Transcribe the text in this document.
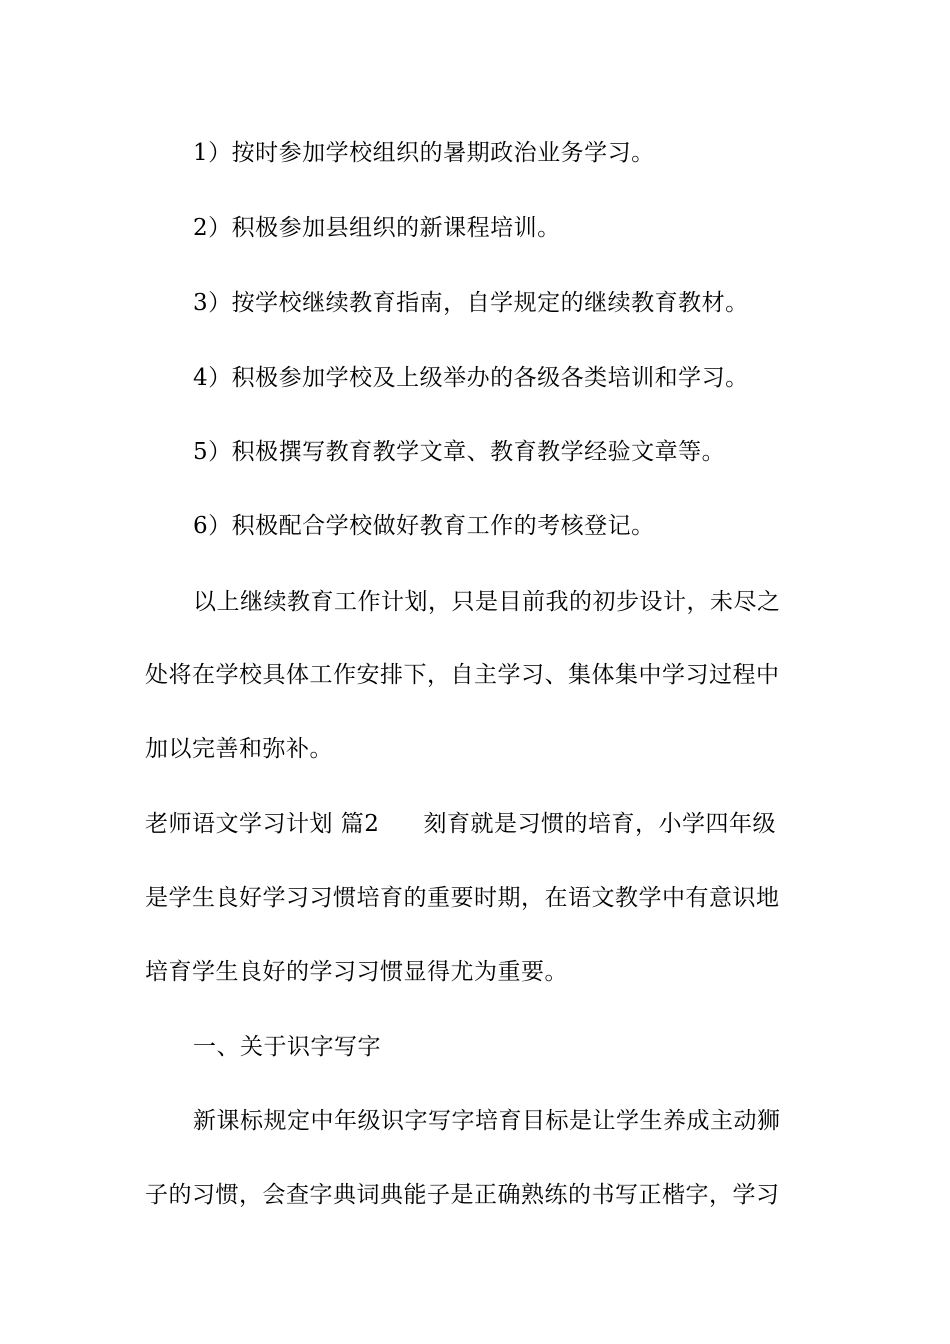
1）按时参加学校组织的暑期政治业务学习。
2）积极参加县组织的新课程培训。
3）按学校继续教育指南，自学规定的继续教育教材。
4）积极参加学校及上级举办的各级各类培训和学习。
5）积极撰写教育教学文章、教育教学经验文章等。
6）积极配合学校做好教育工作的考核登记。
以上继续教育工作计划，只是目前我的初步设计，未尽之
处将在学校具体工作安排下，自主学习、集体集中学习过程中
加以完善和弥补。
老师语文学习计划 篇2 刻育就是习惯的培育，小学四年级
是学生良好学习习惯培育的重要时期，在语文教学中有意识地
培育学生良好的学习习惯显得尤为重要。
一、关于识字写字
新课标规定中年级识字写字培育目标是让学生养成主动狮
子的习惯，会查字典词典能子是正确熟练的书写正楷字，学习
